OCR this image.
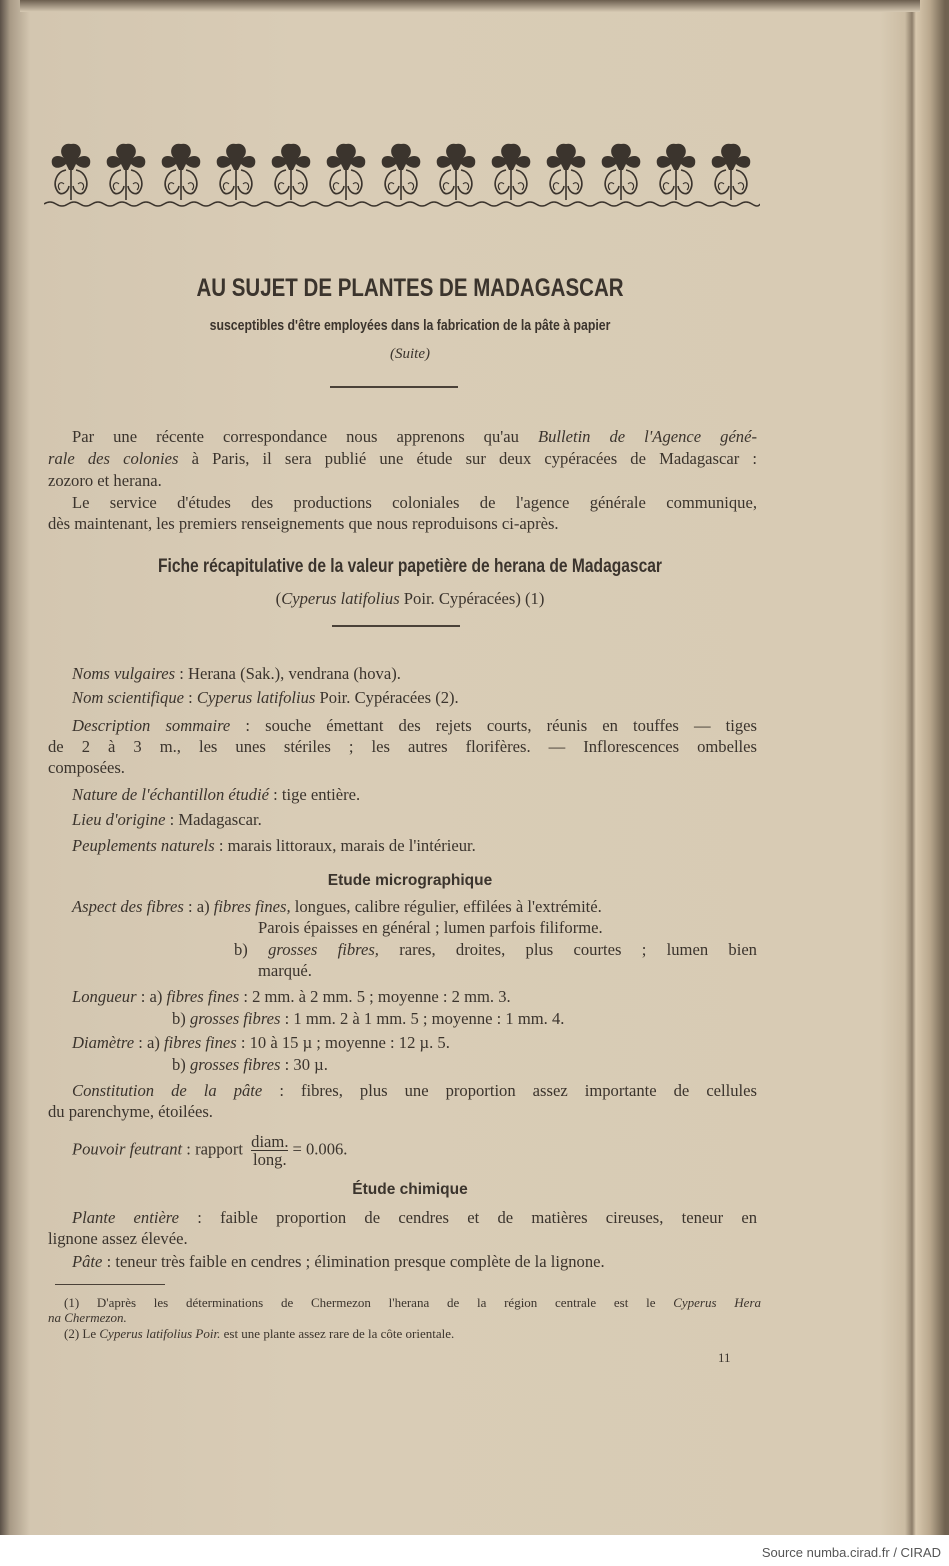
AU SUJET DE PLANTES DE MADAGASCAR
susceptibles d'être employées dans la fabrication de la pâte à papier
(Suite)
Par une récente correspondance nous apprenons qu'au Bulletin de l'Agence géné-
rale des colonies à Paris, il sera publié une étude sur deux cypéracées de Madagascar :
zozoro et herana.
Le service d'études des productions coloniales de l'agence générale communique,
dès maintenant, les premiers renseignements que nous reproduisons ci-après.
Fiche récapitulative de la valeur papetière de herana de Madagascar
(Cyperus latifolius Poir. Cypéracées) (1)
Noms vulgaires : Herana (Sak.), vendrana (hova).
Nom scientifique : Cyperus latifolius Poir. Cypéracées (2).
Description sommaire : souche émettant des rejets courts, réunis en touffes — tiges
de 2 à 3 m., les unes stériles ; les autres florifères. — Inflorescences ombelles
composées.
Nature de l'échantillon étudié : tige entière.
Lieu d'origine : Madagascar.
Peuplements naturels : marais littoraux, marais de l'intérieur.
Etude micrographique
Aspect des fibres : a) fibres fines, longues, calibre régulier, effilées à l'extrémité.
Parois épaisses en général ; lumen parfois filiforme.
b) grosses fibres, rares, droites, plus courtes ; lumen bien
marqué.
Longueur : a) fibres fines : 2 mm. à 2 mm. 5 ; moyenne : 2 mm. 3.
b) grosses fibres : 1 mm. 2 à 1 mm. 5 ; moyenne : 1 mm. 4.
Diamètre : a) fibres fines : 10 à 15 µ ; moyenne : 12 µ. 5.
b) grosses fibres : 30 µ.
Constitution de la pâte : fibres, plus une proportion assez importante de cellules
du parenchyme, étoilées.
Pouvoir feutrant : rapport diam.
long.
= 0.006.
Étude chimique
Plante entière : faible proportion de cendres et de matières cireuses, teneur en
lignone assez élevée.
Pâte : teneur très faible en cendres ; élimination presque complète de la lignone.
(1) D'après les déterminations de Chermezon l'herana de la région centrale est le Cyperus Hera
na Chermezon.
(2) Le Cyperus latifolius Poir. est une plante assez rare de la côte orientale.
11
Source numba.cirad.fr / CIRAD
